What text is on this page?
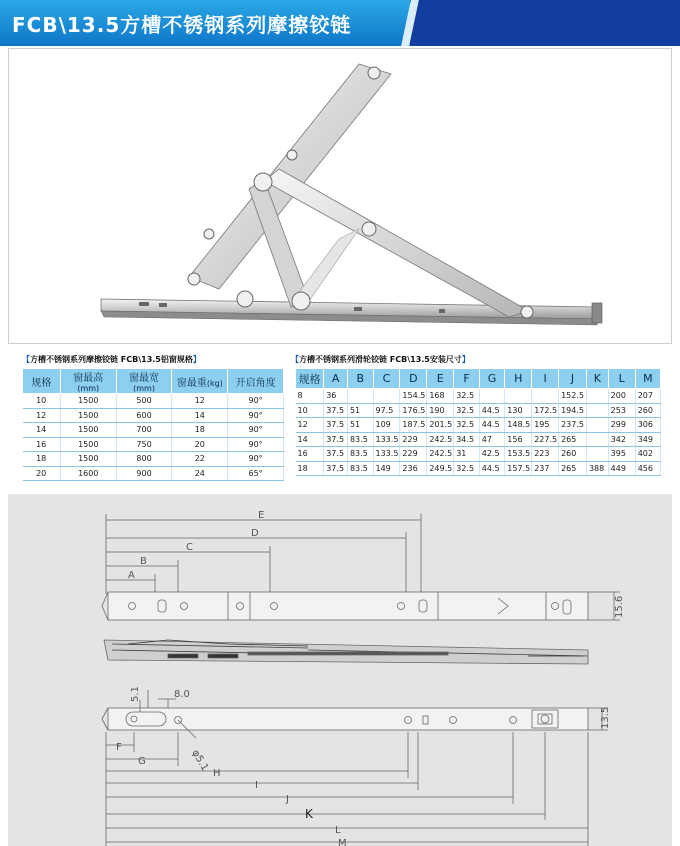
FCB\13.5方槽不锈钢系列摩擦铰链
【方槽不锈钢系列摩擦铰链 FCB\13.5铝窗规格】
规格	窗最高(mm)	窗最宽(mm)	窗最重(kg)	开启角度
10	1500	500	12	90°
12	1500	600	14	90°
14	1500	700	18	90°
16	1500	750	20	90°
18	1500	800	22	90°
20	1600	900	24	65°
【方槽不锈钢系列滑轮铰链 FCB\13.5安装尺寸】
规格	A	B	C	D	E	F	G	H	I	J	K	L	M
8	36			154.5	168	32.5				152.5		200	207
10	37.5	51	97.5	176.5	190	32.5	44.5	130	172.5	194.5		253	260
12	37.5	51	109	187.5	201.5	32.5	44.5	148.5	195	237.5		299	306
14	37.5	83.5	133.5	229	242.5	34.5	47	156	227.5	265		342	349
16	37.5	83.5	133.5	229	242.5	31	42.5	153.5	223	260		395	402
18	37.5	83.5	149	236	249.5	32.5	44.5	157.5	237	265	388	449	456
E
D
C
B
A
15.6
5.1	8.0
φ5.1
13.5
F
G
H
I
J
K
L
M
